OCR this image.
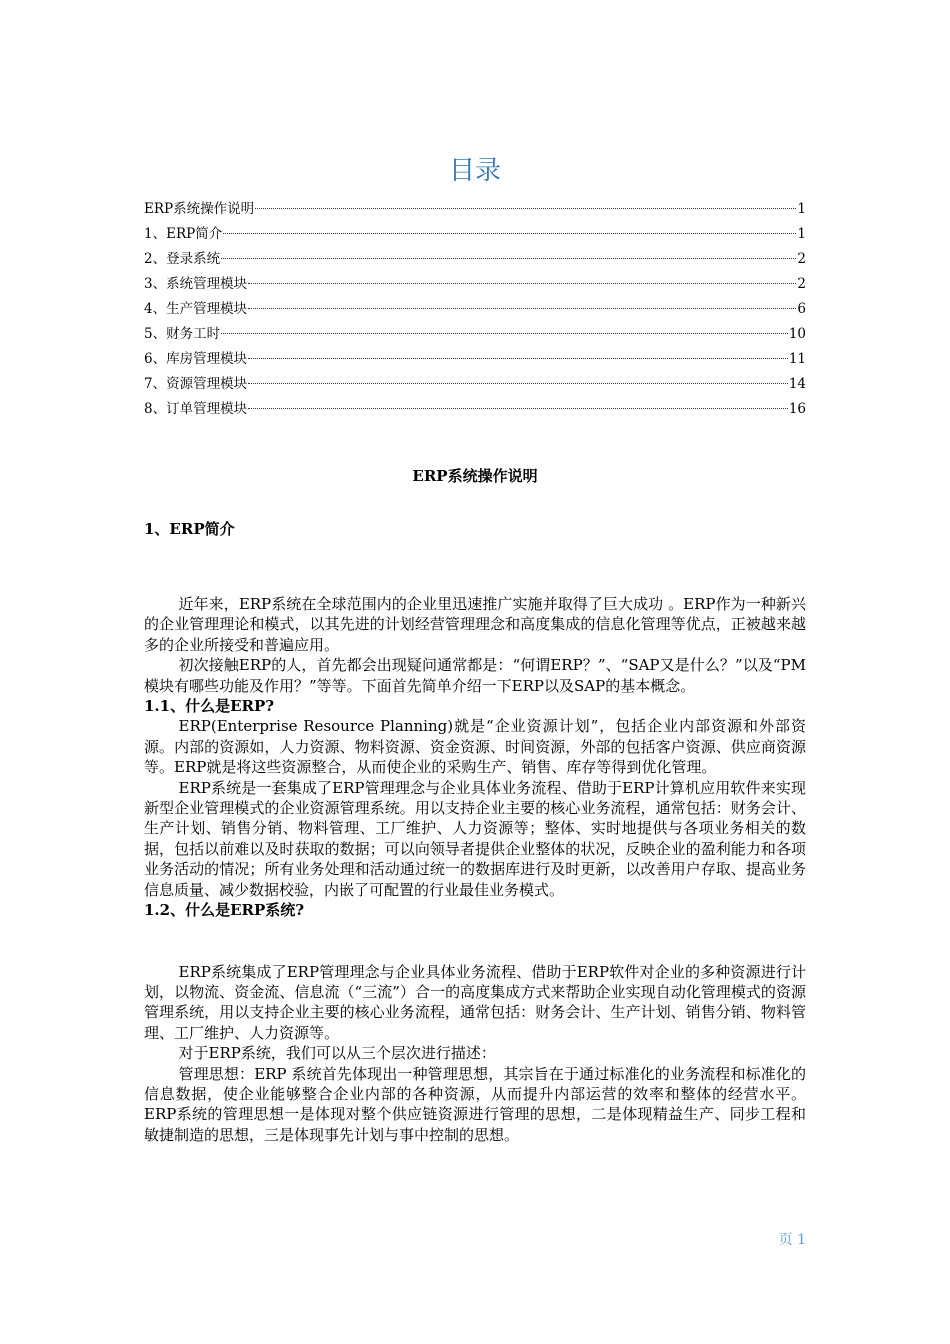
目录
ERP系统操作说明	1
1、ERP简介	1
2、登录系统	2
3、系统管理模块	2
4、生产管理模块	6
5、财务工时	10
6、库房管理模块	11
7、资源管理模块	14
8、订单管理模块	16
ERP系统操作说明
1、ERP简介

近年来，ERP系统在全球范围内的企业里迅速推广实施并取得了巨大成功 。ERP作为一种新兴的企业管理理论和模式，以其先进的计划经营管理理念和高度集成的信息化管理等优点，正被越来越多的企业所接受和普遍应用。

初次接触ERP的人，首先都会出现疑问通常都是：“何谓ERP？”、“SAP又是什么？”以及“PM模块有哪些功能及作用？”等等。下面首先简单介绍一下ERP以及SAP的基本概念。

1.1、什么是ERP?

ERP(Enterprise Resource Planning)就是“企业资源计划”，包括企业内部资源和外部资源。内部的资源如，人力资源、物料资源、资金资源、时间资源，外部的包括客户资源、供应商资源等。ERP就是将这些资源整合，从而使企业的采购生产、销售、库存等得到优化管理。

ERP系统是一套集成了ERP管理理念与企业具体业务流程、借助于ERP计算机应用软件来实现新型企业管理模式的企业资源管理系统。用以支持企业主要的核心业务流程，通常包括：财务会计、生产计划、销售分销、物料管理、工厂维护、人力资源等；整体、实时地提供与各项业务相关的数据，包括以前难以及时获取的数据；可以向领导者提供企业整体的状况，反映企业的盈利能力和各项业务活动的情况；所有业务处理和活动通过统一的数据库进行及时更新，以改善用户存取、提高业务信息质量、减少数据校验，内嵌了可配置的行业最佳业务模式。

1.2、什么是ERP系统?

ERP系统集成了ERP管理理念与企业具体业务流程、借助于ERP软件对企业的多种资源进行计划，以物流、资金流、信息流（“三流”）合一的高度集成方式来帮助企业实现自动化管理模式的资源管理系统，用以支持企业主要的核心业务流程，通常包括：财务会计、生产计划、销售分销、物料管理、工厂维护、人力资源等。

对于ERP系统，我们可以从三个层次进行描述：

管理思想：ERP 系统首先体现出一种管理思想，其宗旨在于通过标准化的业务流程和标准化的信息数据，使企业能够整合企业内部的各种资源，从而提升内部运营的效率和整体的经营水平。ERP系统的管理思想一是体现对整个供应链资源进行管理的思想，二是体现精益生产、同步工程和敏捷制造的思想，三是体现事先计划与事中控制的思想。

页 1
